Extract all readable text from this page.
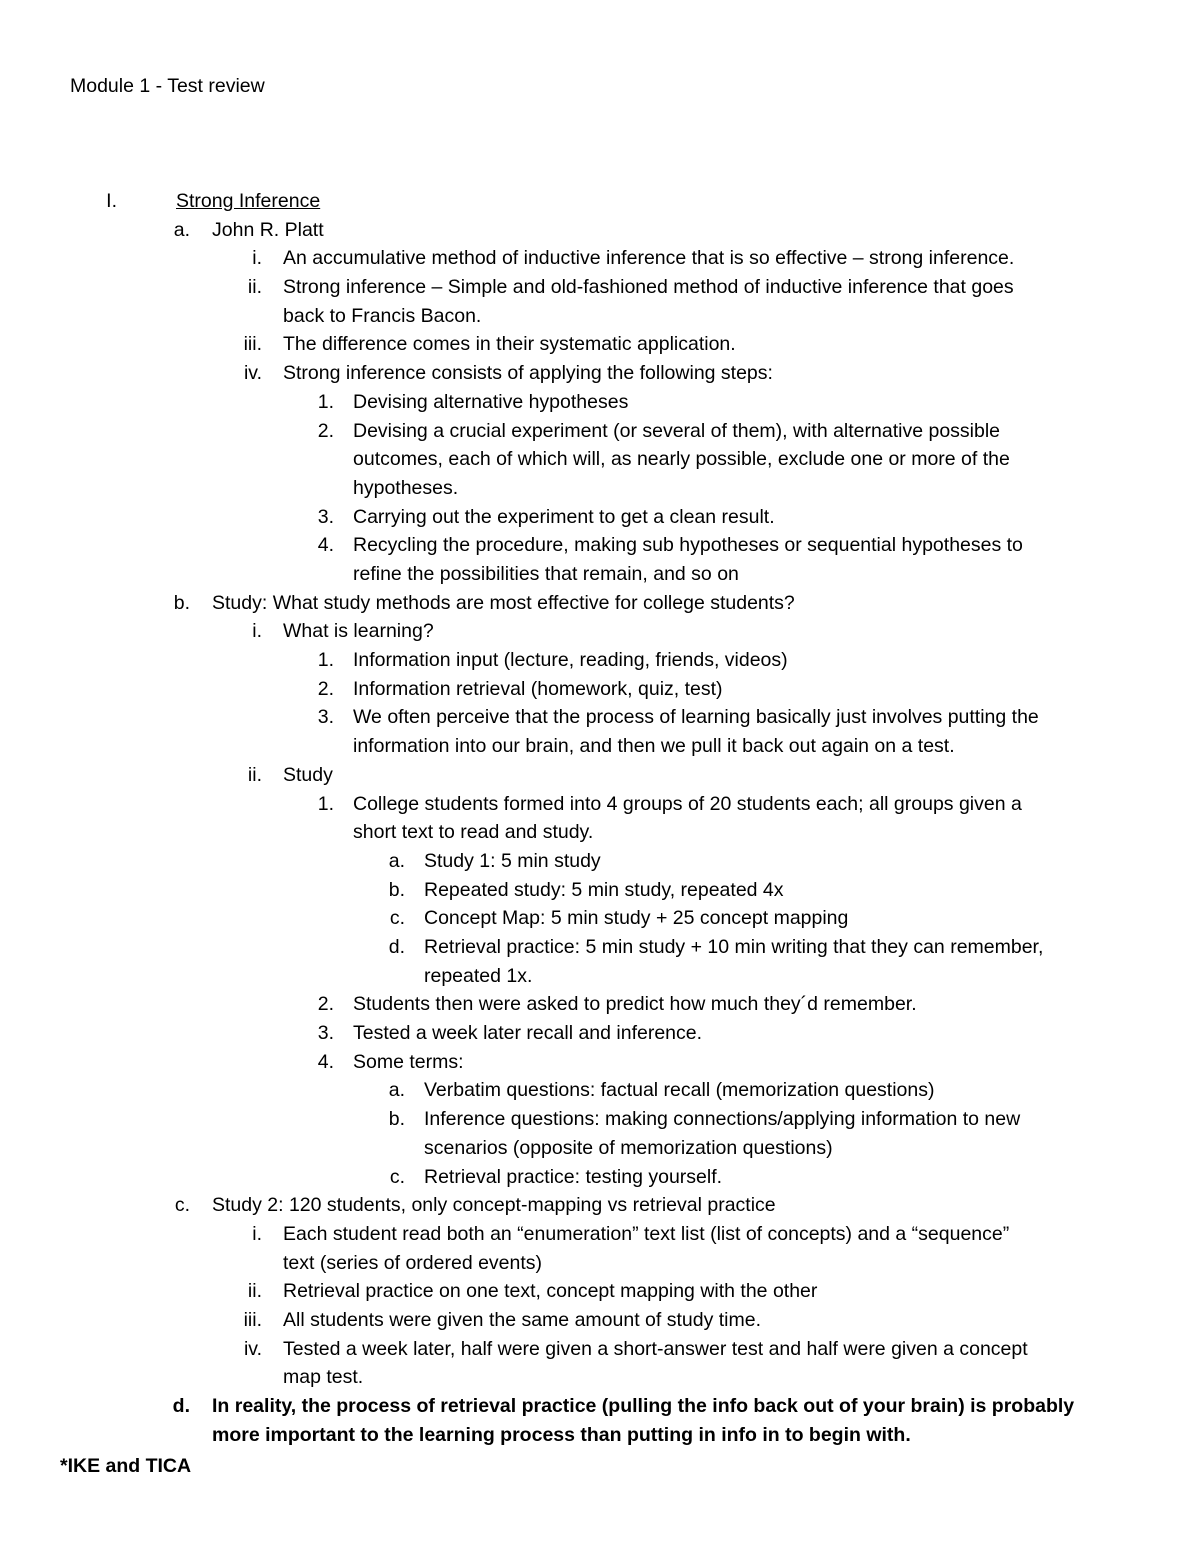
Module 1 - Test review
I.	Strong Inference
a. John R. Platt
i. An accumulative method of inductive inference that is so effective – strong inference.
ii. Strong inference – Simple and old-fashioned method of inductive inference that goes
back to Francis Bacon.
iii. The difference comes in their systematic application.
iv. Strong inference consists of applying the following steps:
1. Devising alternative hypotheses
2. Devising a crucial experiment (or several of them), with alternative possible
outcomes, each of which will, as nearly possible, exclude one or more of the
hypotheses.
3. Carrying out the experiment to get a clean result.
4. Recycling the procedure, making sub hypotheses or sequential hypotheses to
refine the possibilities that remain, and so on
b. Study: What study methods are most effective for college students?
i. What is learning?
1. Information input (lecture, reading, friends, videos)
2. Information retrieval (homework, quiz, test)
3. We often perceive that the process of learning basically just involves putting the
information into our brain, and then we pull it back out again on a test.
ii. Study
1. College students formed into 4 groups of 20 students each; all groups given a
short text to read and study.
a. Study 1: 5 min study
b. Repeated study: 5 min study, repeated 4x
c. Concept Map: 5 min study + 25 concept mapping
d. Retrieval practice: 5 min study + 10 min writing that they can remember,
repeated 1x.
2. Students then were asked to predict how much they´d remember.
3. Tested a week later recall and inference.
4. Some terms:
a. Verbatim questions: factual recall (memorization questions)
b. Inference questions: making connections/applying information to new
scenarios (opposite of memorization questions)
c. Retrieval practice: testing yourself.
c. Study 2: 120 students, only concept-mapping vs retrieval practice
i. Each student read both an “enumeration” text list (list of concepts) and a “sequence”
text (series of ordered events)
ii. Retrieval practice on one text, concept mapping with the other
iii. All students were given the same amount of study time.
iv. Tested a week later, half were given a short-answer test and half were given a concept
map test.
d. In reality, the process of retrieval practice (pulling the info back out of your brain) is probably
more important to the learning process than putting in info in to begin with.
*IKE and TICA
